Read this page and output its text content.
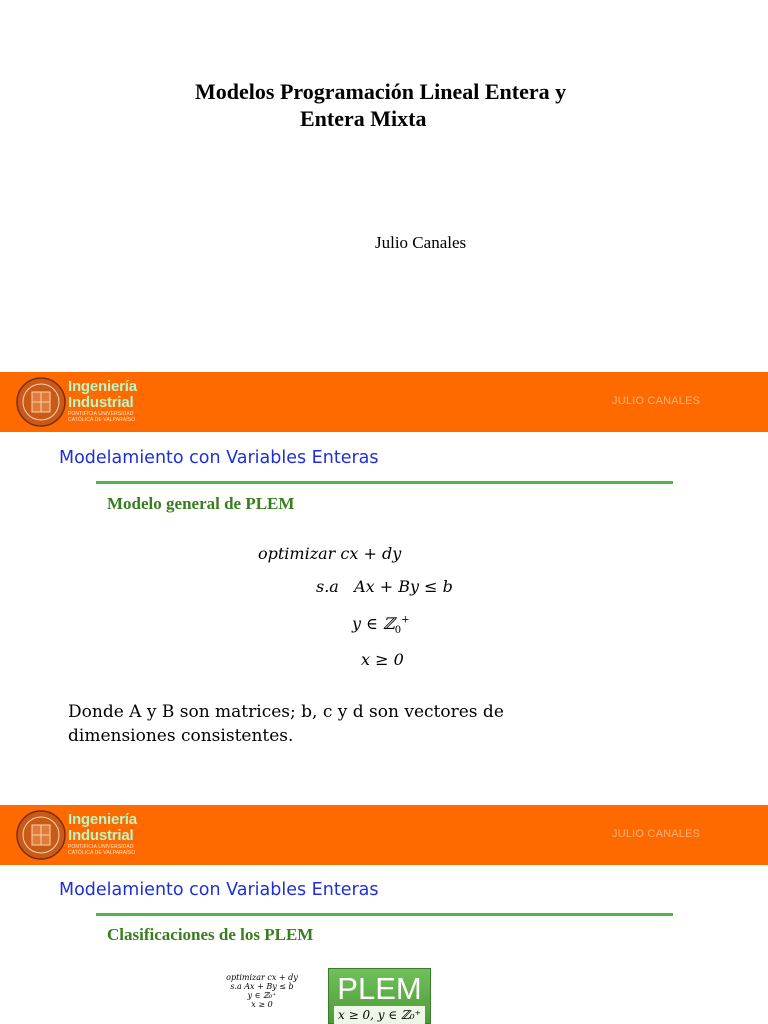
Modelos Programación Lineal Entera y
Entera Mixta
Julio Canales
Ingeniería
Industrial
PONTIFICIA UNIVERSIDAD
CATÓLICA DE VALPARAÍSO
JULIO CANALES
Modelamiento con Variables Enteras
Modelo general de PLEM
optimizar cx + dy
s.a Ax + By ≤ b
y ∈ ℤ$_0$+
x ≥ 0
Donde A y B son matrices; b, c y d son vectores de
dimensiones consistentes.
Ingeniería
Industrial
PONTIFICIA UNIVERSIDAD
CATÓLICA DE VALPARAÍSO
JULIO CANALES
Modelamiento con Variables Enteras
Clasificaciones de los PLEM
optimizar cx + dy
s.a Ax + By ≤ b
y ∈ ℤ₀⁺
x ≥ 0	PLEM
x ≥ 0, y ∈ ℤ₀⁺
